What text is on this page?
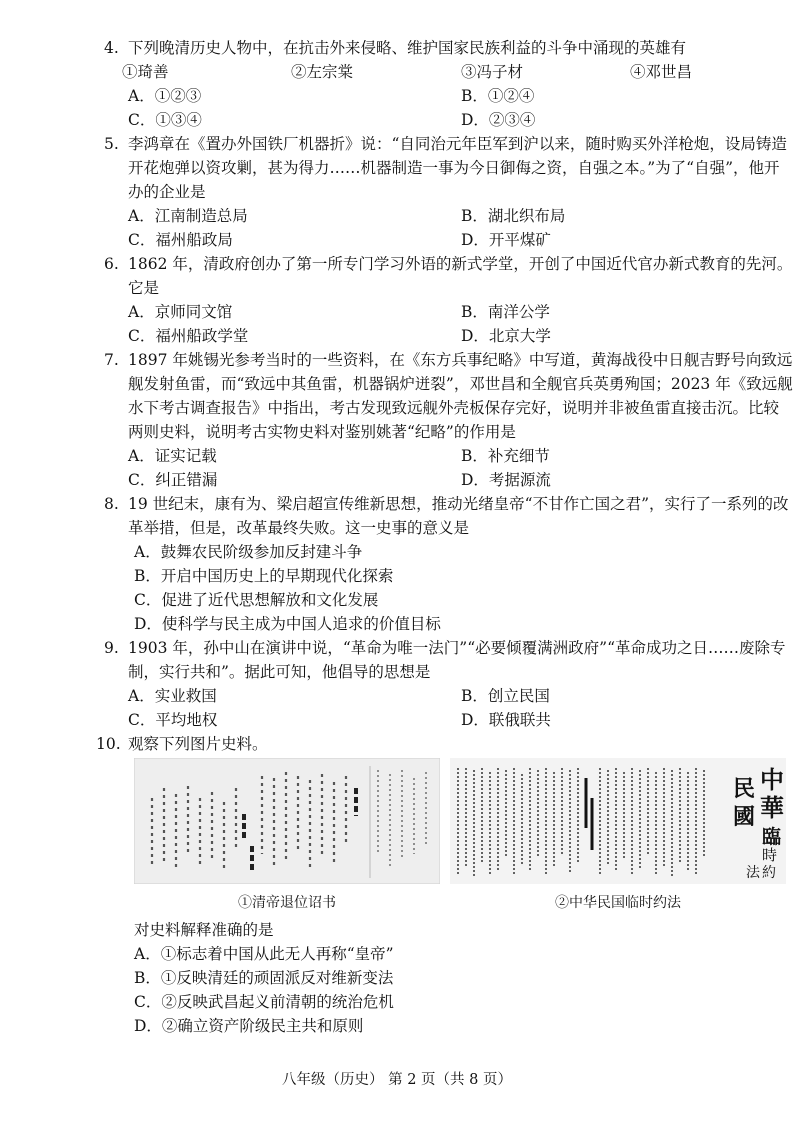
4. 下列晚清历史人物中，在抗击外来侵略、维护国家民族利益的斗争中涌现的英雄有
①琦善	②左宗棠	③冯子材	④邓世昌
A．①②③	B．①②④
C．①③④	D．②③④
5. 李鸿章在《置办外国铁厂机器折》说：“自同治元年臣军到沪以来，随时购买外洋枪炮，设局铸造开花炮弹以资攻剿，甚为得力……机器制造一事为今日御侮之资，自强之本。”为了“自强”，他开办的企业是
A．江南制造总局	B．湖北织布局
C．福州船政局	D．开平煤矿
6. 1862 年，清政府创办了第一所专门学习外语的新式学堂，开创了中国近代官办新式教育的先河。它是
A．京师同文馆	B．南洋公学
C．福州船政学堂	D．北京大学
7. 1897 年姚锡光参考当时的一些资料，在《东方兵事纪略》中写道，黄海战役中日舰吉野号向致远舰发射鱼雷，而“致远中其鱼雷，机器锅炉迸裂”，邓世昌和全舰官兵英勇殉国；2023 年《致远舰水下考古调查报告》中指出，考古发现致远舰外壳板保存完好，说明并非被鱼雷直接击沉。比较两则史料，说明考古实物史料对鉴别姚著“纪略”的作用是
A．证实记载	B．补充细节
C．纠正错漏	D．考据源流
8. 19 世纪末，康有为、梁启超宣传维新思想，推动光绪皇帝“不甘作亡国之君”，实行了一系列的改革举措，但是，改革最终失败。这一史事的意义是
A．鼓舞农民阶级参加反封建斗争
B．开启中国历史上的早期现代化探索
C．促进了近代思想解放和文化发展
D．使科学与民主成为中国人追求的价值目标
9. 1903 年，孙中山在演讲中说，“革命为唯一法门”“必要倾覆满洲政府”“革命成功之日……废除专制，实行共和”。据此可知，他倡导的思想是
A．实业救国	B．创立民国
C．平均地权	D．联俄联共
10. 观察下列图片史料。
①清帝退位诏书
中
華
民
國
臨
時
約
法
②中华民国临时约法
对史料解释准确的是
A．①标志着中国从此无人再称“皇帝”
B．①反映清廷的顽固派反对维新变法
C．②反映武昌起义前清朝的统治危机
D．②确立资产阶级民主共和原则
八年级（历史） 第 2 页（共 8 页）
